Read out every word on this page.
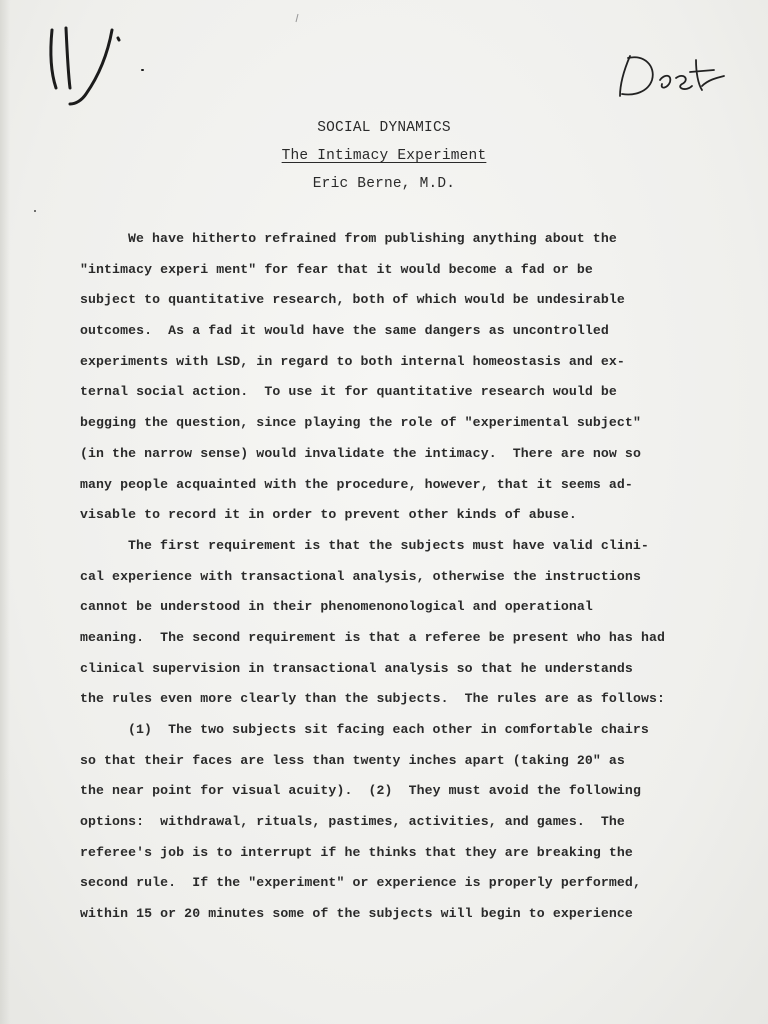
SOCIAL DYNAMICS
The Intimacy Experiment
Eric Berne, M.D.
We have hitherto refrained from publishing anything about the
"intimacy experi ment" for fear that it would become a fad or be
subject to quantitative research, both of which would be undesirable
outcomes.  As a fad it would have the same dangers as uncontrolled
experiments with LSD, in regard to both internal homeostasis and ex-
ternal social action.  To use it for quantitative research would be
begging the question, since playing the role of "experimental subject"
(in the narrow sense) would invalidate the intimacy.  There are now so
many people acquainted with the procedure, however, that it seems ad-
visable to record it in order to prevent other kinds of abuse.
The first requirement is that the subjects must have valid clini-
cal experience with transactional analysis, otherwise the instructions
cannot be understood in their phenomenonological and operational
meaning.  The second requirement is that a referee be present who has had
clinical supervision in transactional analysis so that he understands
the rules even more clearly than the subjects.  The rules are as follows:
(1)  The two subjects sit facing each other in comfortable chairs
so that their faces are less than twenty inches apart (taking 20" as
the near point for visual acuity).  (2)  They must avoid the following
options:  withdrawal, rituals, pastimes, activities, and games.  The
referee's job is to interrupt if he thinks that they are breaking the
second rule.  If the "experiment" or experience is properly performed,
within 15 or 20 minutes some of the subjects will begin to experience
